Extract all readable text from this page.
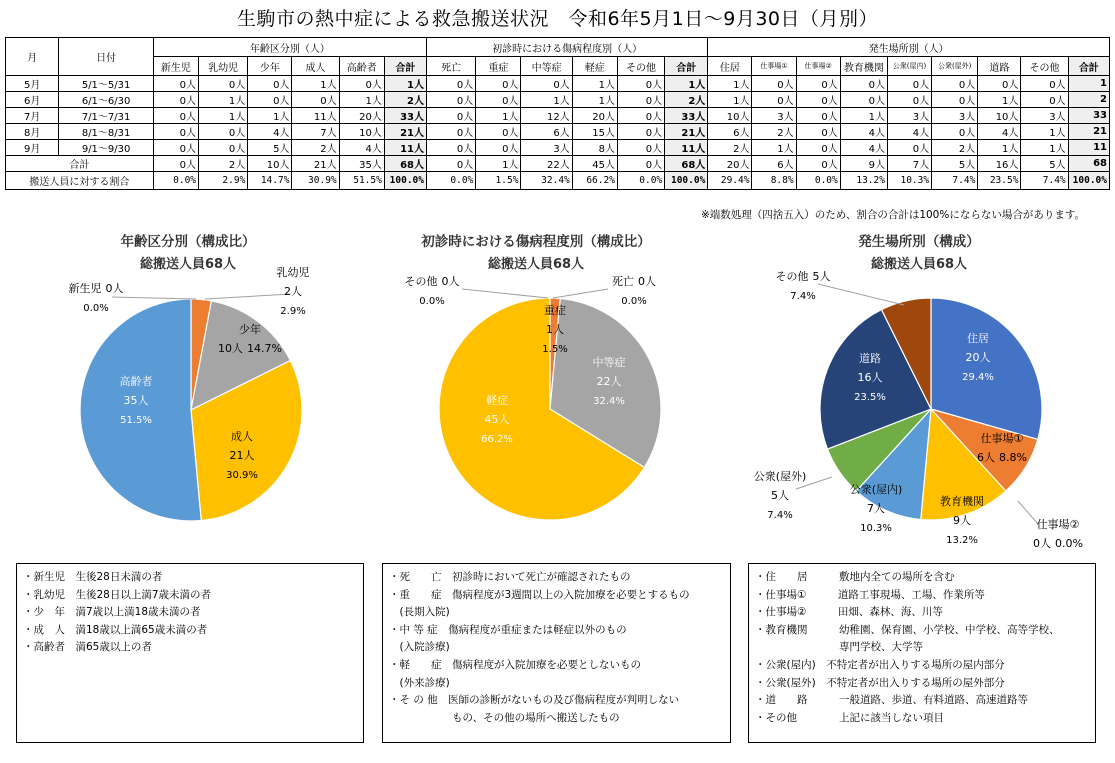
生駒市の熱中症による救急搬送状況　令和6年5月1日～9月30日（月別）
月	日付	年齢区分別（人）						初診時における傷病程度別（人）						発生場所別（人）								
		新生児	乳幼児	少年	成人	高齢者	合計	死亡	重症	中等症	軽症	その他	合計	住居	仕事場①	仕事場②	教育機関	公衆(屋内)	公衆(屋外)	道路	その他	合計
5月	5/1～5/31	0人	0人	0人	1人	0人	1人	0人	0人	0人	1人	0人	1人	1人	0人	0人	0人	0人	0人	0人	0人	1
6月	6/1～6/30	0人	1人	0人	0人	1人	2人	0人	0人	1人	1人	0人	2人	1人	0人	0人	0人	0人	0人	1人	0人	2
7月	7/1～7/31	0人	1人	1人	11人	20人	33人	0人	1人	12人	20人	0人	33人	10人	3人	0人	1人	3人	3人	10人	3人	33
8月	8/1～8/31	0人	0人	4人	7人	10人	21人	0人	0人	6人	15人	0人	21人	6人	2人	0人	4人	4人	0人	4人	1人	21
9月	9/1～9/30	0人	0人	5人	2人	4人	11人	0人	0人	3人	8人	0人	11人	2人	1人	0人	4人	0人	2人	1人	1人	11
合計		0人	2人	10人	21人	35人	68人	0人	1人	22人	45人	0人	68人	20人	6人	0人	9人	7人	5人	16人	5人	68
搬送人員に対する割合		0.0%	2.9%	14.7%	30.9%	51.5%	100.0%	0.0%	1.5%	32.4%	66.2%	0.0%	100.0%	29.4%	8.8%	0.0%	13.2%	10.3%	7.4%	23.5%	7.4%	100.0%
※端数処理（四捨五入）のため、割合の合計は100%にならない場合があります。
年齢区分別（構成比）
総搬送人員68人
新生児 0人
0.0%
乳幼児
2人
2.9%
少年
10人 14.7%
成人
21人
30.9%
高齢者
35人
51.5%
初診時における傷病程度別（構成比）
総搬送人員68人
死亡 0人
0.0%
重症
1人
1.5%
中等症
22人
32.4%
軽症
45人
66.2%
その他 0人
0.0%
発生場所別（構成）
総搬送人員68人
住居
20人
29.4%
仕事場①
6人 8.8%
仕事場②
0人 0.0%
教育機関
9人
13.2%
公衆(屋内)
7人
10.3%
公衆(屋外)
5人
7.4%
道路
16人
23.5%
その他 5人
7.4%
・新生児　生後28日未満の者
・乳幼児　生後28日以上満7歳未満の者
・少　年　満7歳以上満18歳未満の者
・成　人　満18歳以上満65歳未満の者
・高齢者　満65歳以上の者
・死　　亡　初診時において死亡が確認されたもの
・重　　症　傷病程度が3週間以上の入院加療を必要とするもの
　(長期入院)
・中 等 症　傷病程度が重症または軽症以外のもの
　(入院診療)
・軽　　症　傷病程度が入院加療を必要としないもの
　(外来診療)
・そ の 他　医師の診断がないもの及び傷病程度が判明しない
　　　　　　もの、その他の場所へ搬送したもの
・住　　居　　　敷地内全ての場所を含む
・仕事場①　　　道路工事現場、工場、作業所等
・仕事場②　　　田畑、森林、海、川等
・教育機関　　　幼稚園、保育園、小学校、中学校、高等学校、
　　　　　　　　専門学校、大学等
・公衆(屋内)　不特定者が出入りする場所の屋内部分
・公衆(屋外)　不特定者が出入りする場所の屋外部分
・道　　路　　　一般道路、歩道、有料道路、高速道路等
・その他　　　　上記に該当しない項目
